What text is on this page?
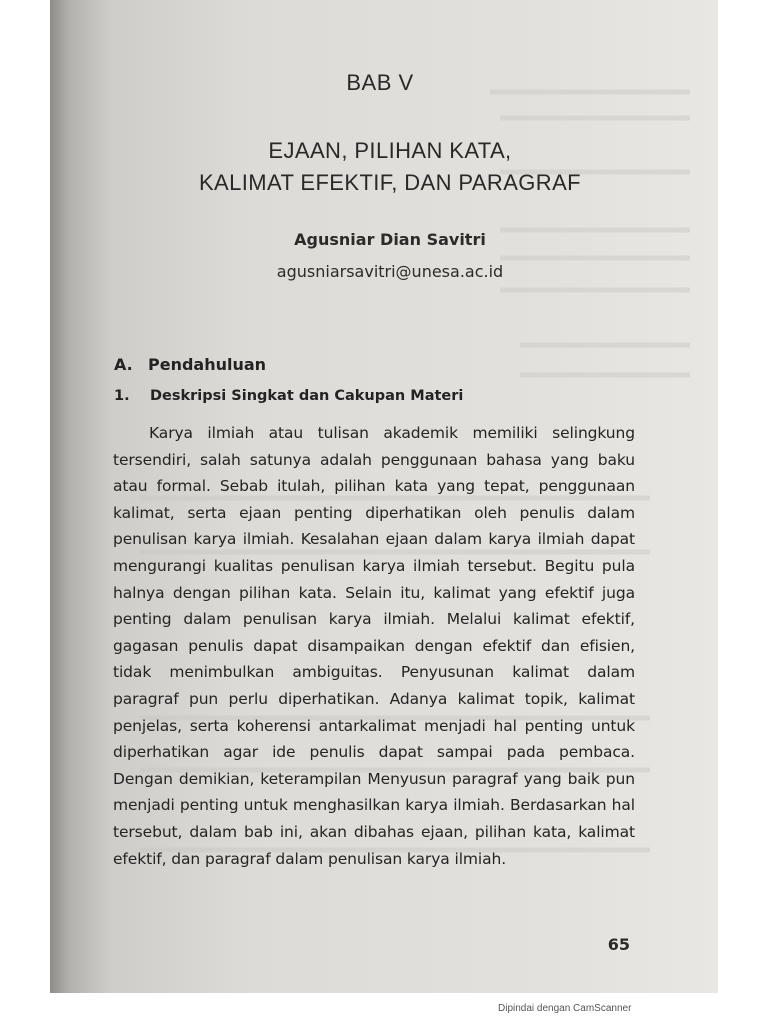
BAB V
EJAAN, PILIHAN KATA,
KALIMAT EFEKTIF, DAN PARAGRAF
Agusniar Dian Savitri
agusniarsavitri@unesa.ac.id
A. Pendahuluan
1. Deskripsi Singkat dan Cakupan Materi
Karya ilmiah atau tulisan akademik memiliki selingkung tersendiri, salah satunya adalah penggunaan bahasa yang baku atau formal. Sebab itulah, pilihan kata yang tepat, penggunaan kalimat, serta ejaan penting diperhatikan oleh penulis dalam penulisan karya ilmiah. Kesalahan ejaan dalam karya ilmiah dapat mengurangi kualitas penulisan karya ilmiah tersebut. Begitu pula halnya dengan pilihan kata. Selain itu, kalimat yang efektif juga penting dalam penulisan karya ilmiah. Melalui kalimat efektif, gagasan penulis dapat disampaikan dengan efektif dan efisien, tidak menimbulkan ambiguitas. Penyusunan kalimat dalam paragraf pun perlu diperhatikan. Adanya kalimat topik, kalimat penjelas, serta koherensi antarkalimat menjadi hal penting untuk diperhatikan agar ide penulis dapat sampai pada pembaca. Dengan demikian, keterampilan Menyusun paragraf yang baik pun menjadi penting untuk menghasilkan karya ilmiah. Berdasarkan hal tersebut, dalam bab ini, akan dibahas ejaan, pilihan kata, kalimat efektif, dan paragraf dalam penulisan karya ilmiah.
65
Dipindai dengan CamScanner
